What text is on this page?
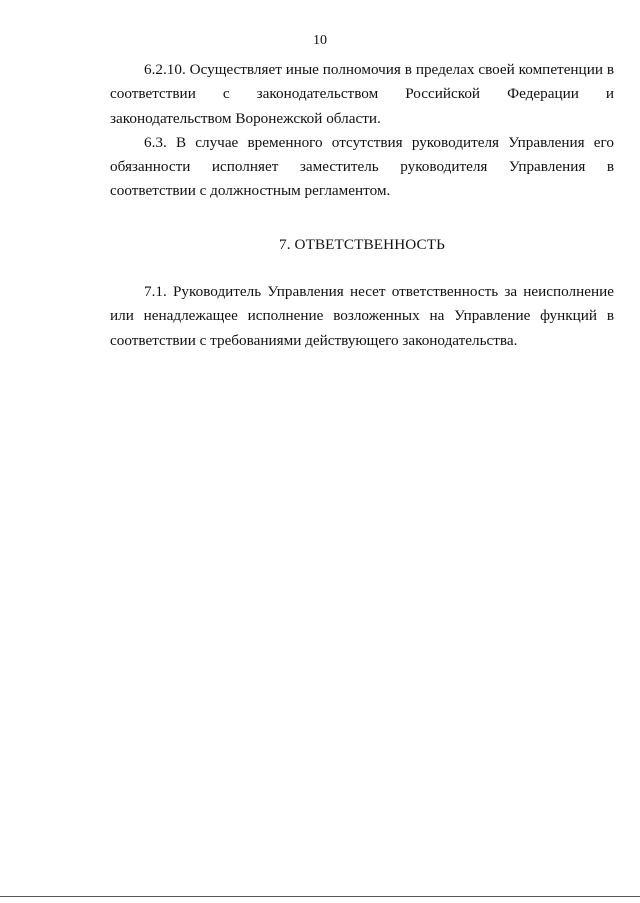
10

6.2.10. Осуществляет иные полномочия в пределах своей компетенции в соответствии с законодательством Российской Федерации и законодательством Воронежской области.

6.3. В случае временного отсутствия руководителя Управления его обязанности исполняет заместитель руководителя Управления в соответствии с должностным регламентом.

7. ОТВЕТСТВЕННОСТЬ

7.1. Руководитель Управления несет ответственность за неисполнение или ненадлежащее исполнение возложенных на Управление функций в соответствии с требованиями действующего законодательства.
